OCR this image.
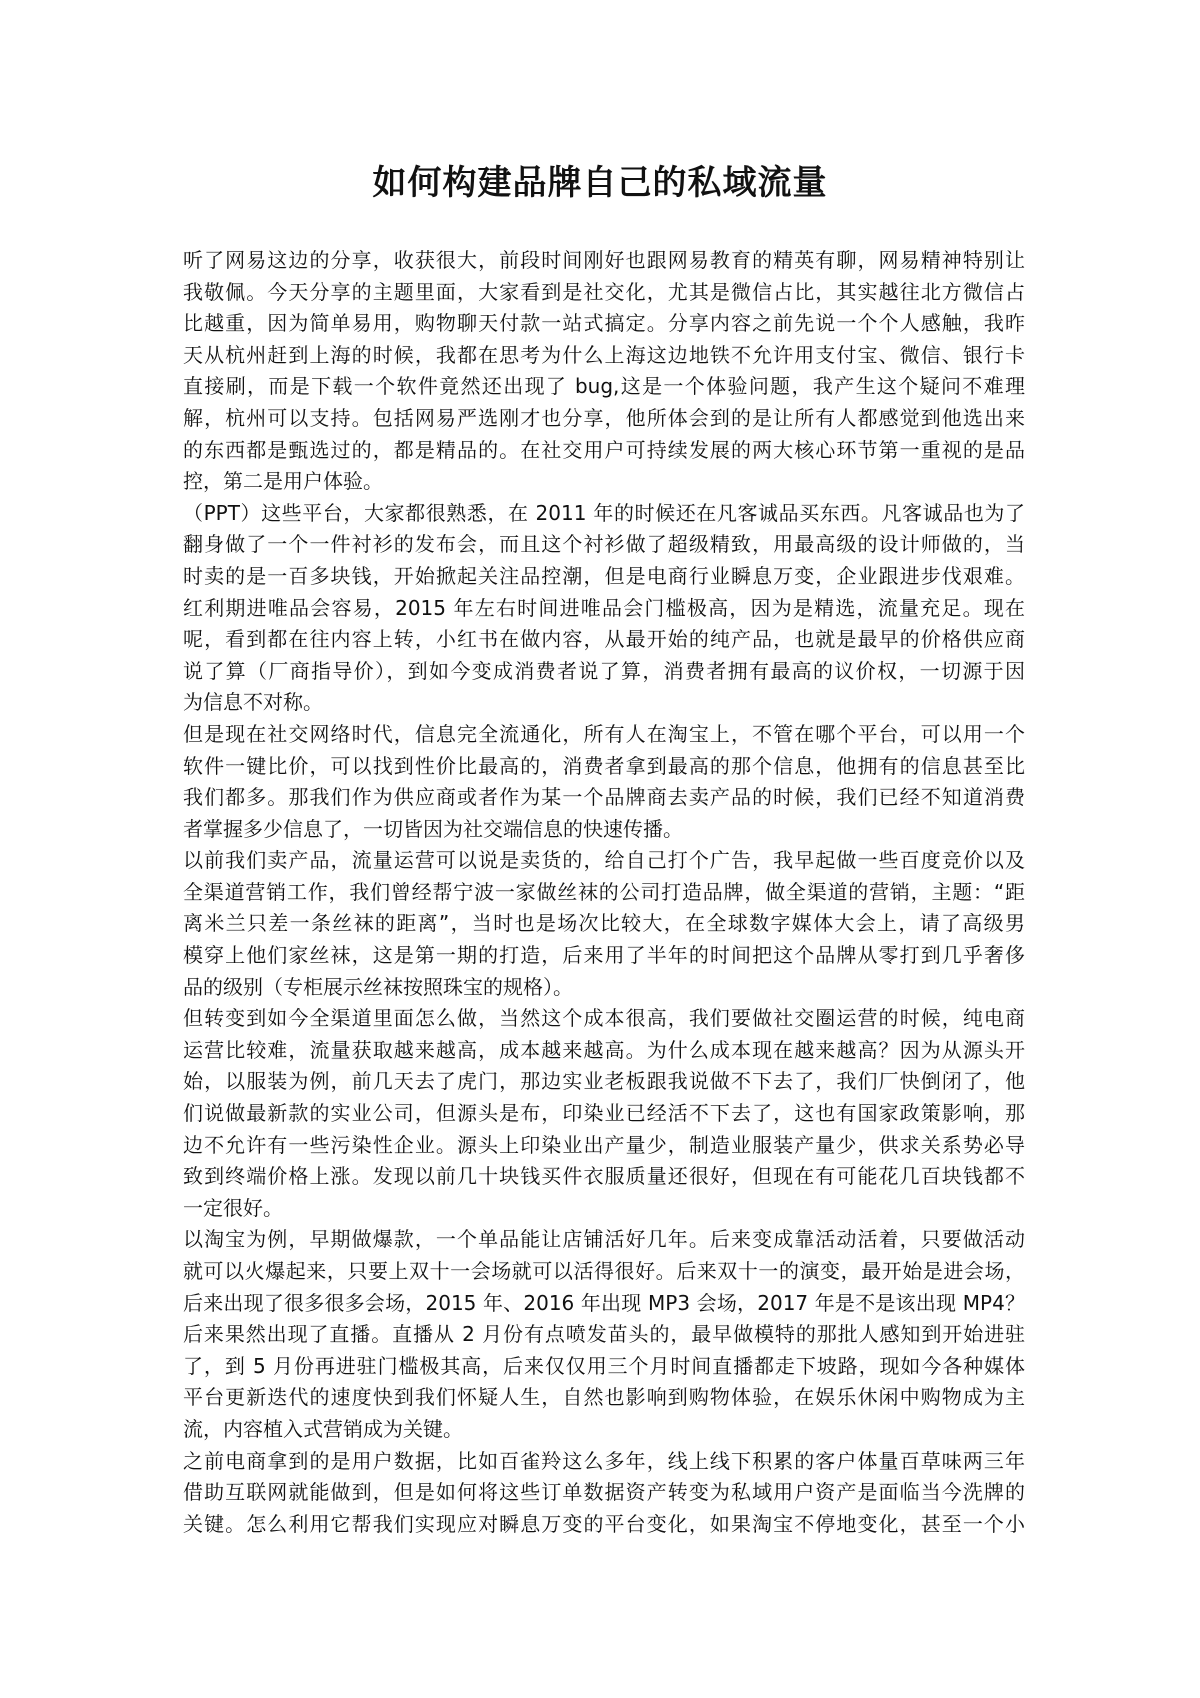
如何构建品牌自己的私域流量
听了网易这边的分享，收获很大，前段时间刚好也跟网易教育的精英有聊，网易精神特别让
我敬佩。今天分享的主题里面，大家看到是社交化，尤其是微信占比，其实越往北方微信占
比越重，因为简单易用，购物聊天付款一站式搞定。分享内容之前先说一个个人感触，我昨
天从杭州赶到上海的时候，我都在思考为什么上海这边地铁不允许用支付宝、微信、银行卡
直接刷，而是下载一个软件竟然还出现了 bug,这是一个体验问题，我产生这个疑问不难理
解，杭州可以支持。包括网易严选刚才也分享，他所体会到的是让所有人都感觉到他选出来
的东西都是甄选过的，都是精品的。在社交用户可持续发展的两大核心环节第一重视的是品
控，第二是用户体验。
（PPT）这些平台，大家都很熟悉，在 2011 年的时候还在凡客诚品买东西。凡客诚品也为了
翻身做了一个一件衬衫的发布会，而且这个衬衫做了超级精致，用最高级的设计师做的，当
时卖的是一百多块钱，开始掀起关注品控潮，但是电商行业瞬息万变，企业跟进步伐艰难。
红利期进唯品会容易，2015 年左右时间进唯品会门槛极高，因为是精选，流量充足。现在
呢，看到都在往内容上转，小红书在做内容，从最开始的纯产品，也就是最早的价格供应商
说了算（厂商指导价），到如今变成消费者说了算，消费者拥有最高的议价权，一切源于因
为信息不对称。
但是现在社交网络时代，信息完全流通化，所有人在淘宝上，不管在哪个平台，可以用一个
软件一键比价，可以找到性价比最高的，消费者拿到最高的那个信息，他拥有的信息甚至比
我们都多。那我们作为供应商或者作为某一个品牌商去卖产品的时候，我们已经不知道消费
者掌握多少信息了，一切皆因为社交端信息的快速传播。
以前我们卖产品，流量运营可以说是卖货的，给自己打个广告，我早起做一些百度竞价以及
全渠道营销工作，我们曾经帮宁波一家做丝袜的公司打造品牌，做全渠道的营销，主题：“距
离米兰只差一条丝袜的距离”，当时也是场次比较大，在全球数字媒体大会上，请了高级男
模穿上他们家丝袜，这是第一期的打造，后来用了半年的时间把这个品牌从零打到几乎奢侈
品的级别（专柜展示丝袜按照珠宝的规格）。
但转变到如今全渠道里面怎么做，当然这个成本很高，我们要做社交圈运营的时候，纯电商
运营比较难，流量获取越来越高，成本越来越高。为什么成本现在越来越高？因为从源头开
始，以服装为例，前几天去了虎门，那边实业老板跟我说做不下去了，我们厂快倒闭了，他
们说做最新款的实业公司，但源头是布，印染业已经活不下去了，这也有国家政策影响，那
边不允许有一些污染性企业。源头上印染业出产量少，制造业服装产量少，供求关系势必导
致到终端价格上涨。发现以前几十块钱买件衣服质量还很好，但现在有可能花几百块钱都不
一定很好。
以淘宝为例，早期做爆款，一个单品能让店铺活好几年。后来变成靠活动活着，只要做活动
就可以火爆起来，只要上双十一会场就可以活得很好。后来双十一的演变，最开始是进会场，
后来出现了很多很多会场，2015 年、2016 年出现 MP3 会场，2017 年是不是该出现 MP4？
后来果然出现了直播。直播从 2 月份有点喷发苗头的，最早做模特的那批人感知到开始进驻
了，到 5 月份再进驻门槛极其高，后来仅仅用三个月时间直播都走下坡路，现如今各种媒体
平台更新迭代的速度快到我们怀疑人生，自然也影响到购物体验，在娱乐休闲中购物成为主
流，内容植入式营销成为关键。
之前电商拿到的是用户数据，比如百雀羚这么多年，线上线下积累的客户体量百草味两三年
借助互联网就能做到，但是如何将这些订单数据资产转变为私域用户资产是面临当今洗牌的
关键。怎么利用它帮我们实现应对瞬息万变的平台变化，如果淘宝不停地变化，甚至一个小
